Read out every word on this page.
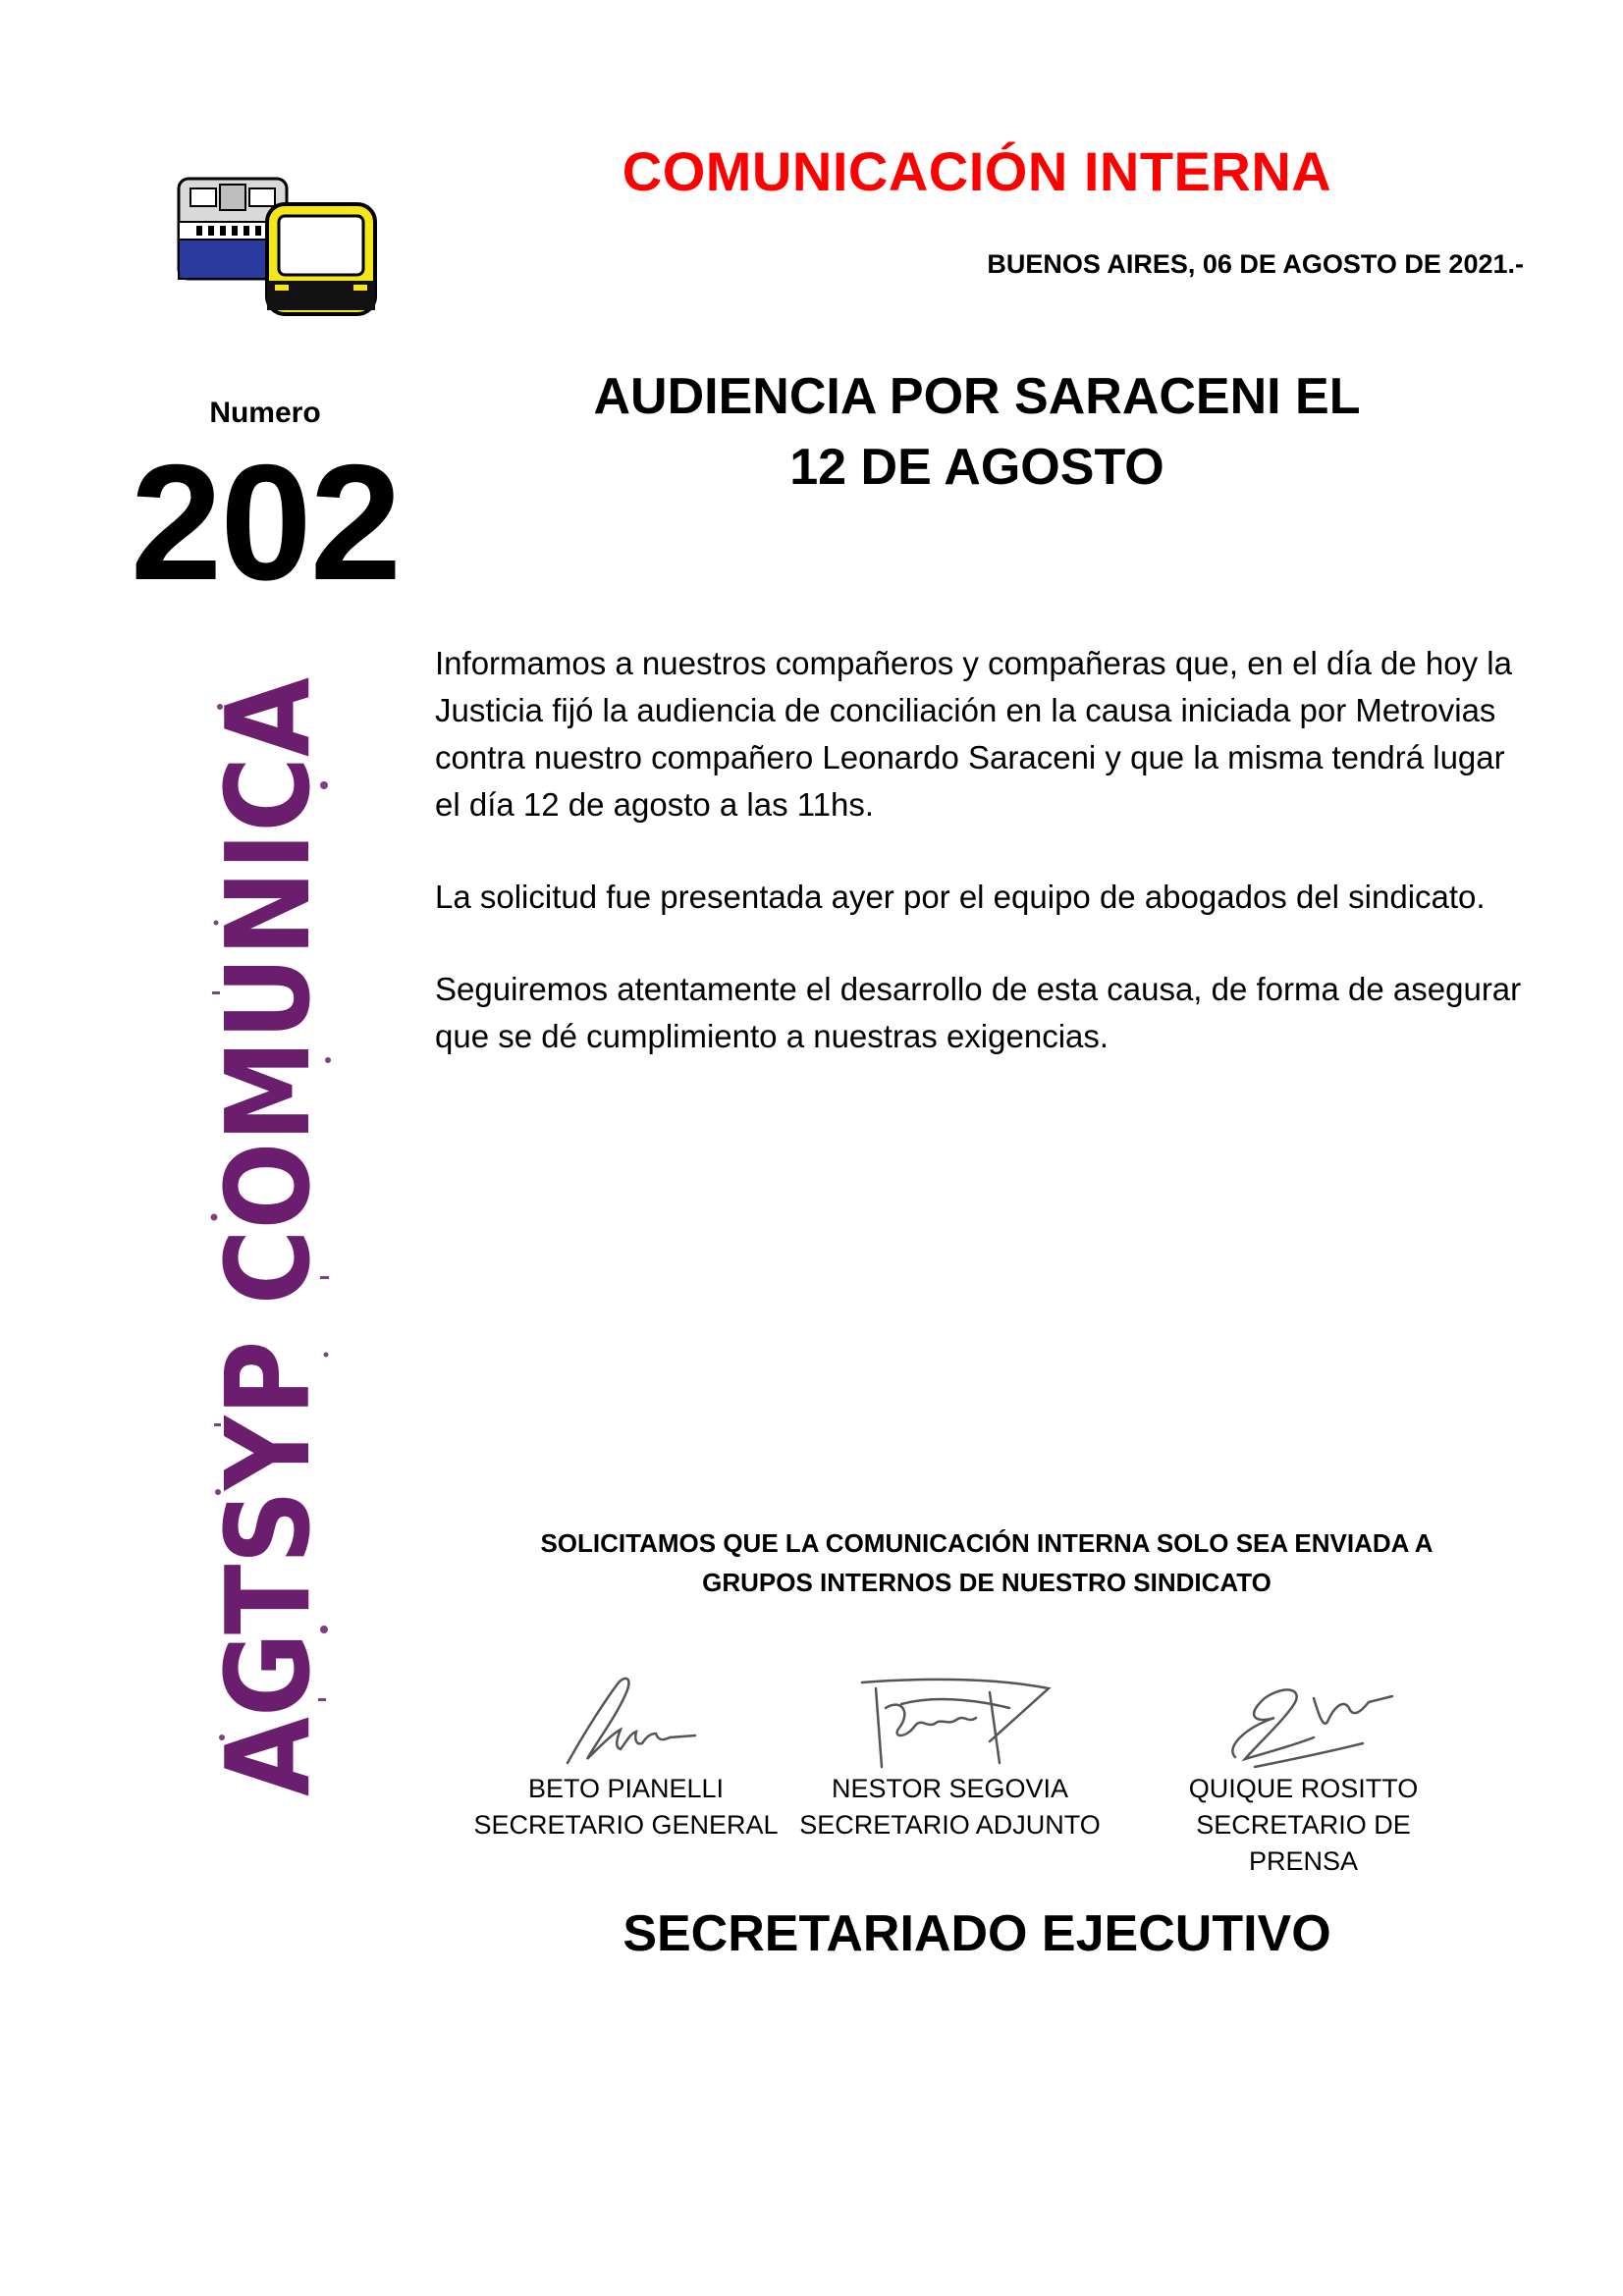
COMUNICACIÓN INTERNA
BUENOS AIRES, 06 DE AGOSTO DE 2021.-
Numero
202
AGTSYP COMUNICA
AUDIENCIA POR SARACENI EL
12 DE AGOSTO

Informamos a nuestros compañeros y compañeras que, en el día de hoy la Justicia fijó la audiencia de conciliación en la causa iniciada por Metrovias contra nuestro compañero Leonardo Saraceni y que la misma tendrá lugar el día 12 de agosto a las 11hs.

La solicitud fue presentada ayer por el equipo de abogados del sindicato.

Seguiremos atentamente el desarrollo de esta causa, de forma de asegurar que se dé cumplimiento a nuestras exigencias.

SOLICITAMOS QUE LA COMUNICACIÓN INTERNA SOLO SEA ENVIADA A
GRUPOS INTERNOS DE NUESTRO SINDICATO
BETO PIANELLI
SECRETARIO GENERAL
NESTOR SEGOVIA
SECRETARIO ADJUNTO
QUIQUE ROSITTO
SECRETARIO DE PRENSA
SECRETARIADO EJECUTIVO
